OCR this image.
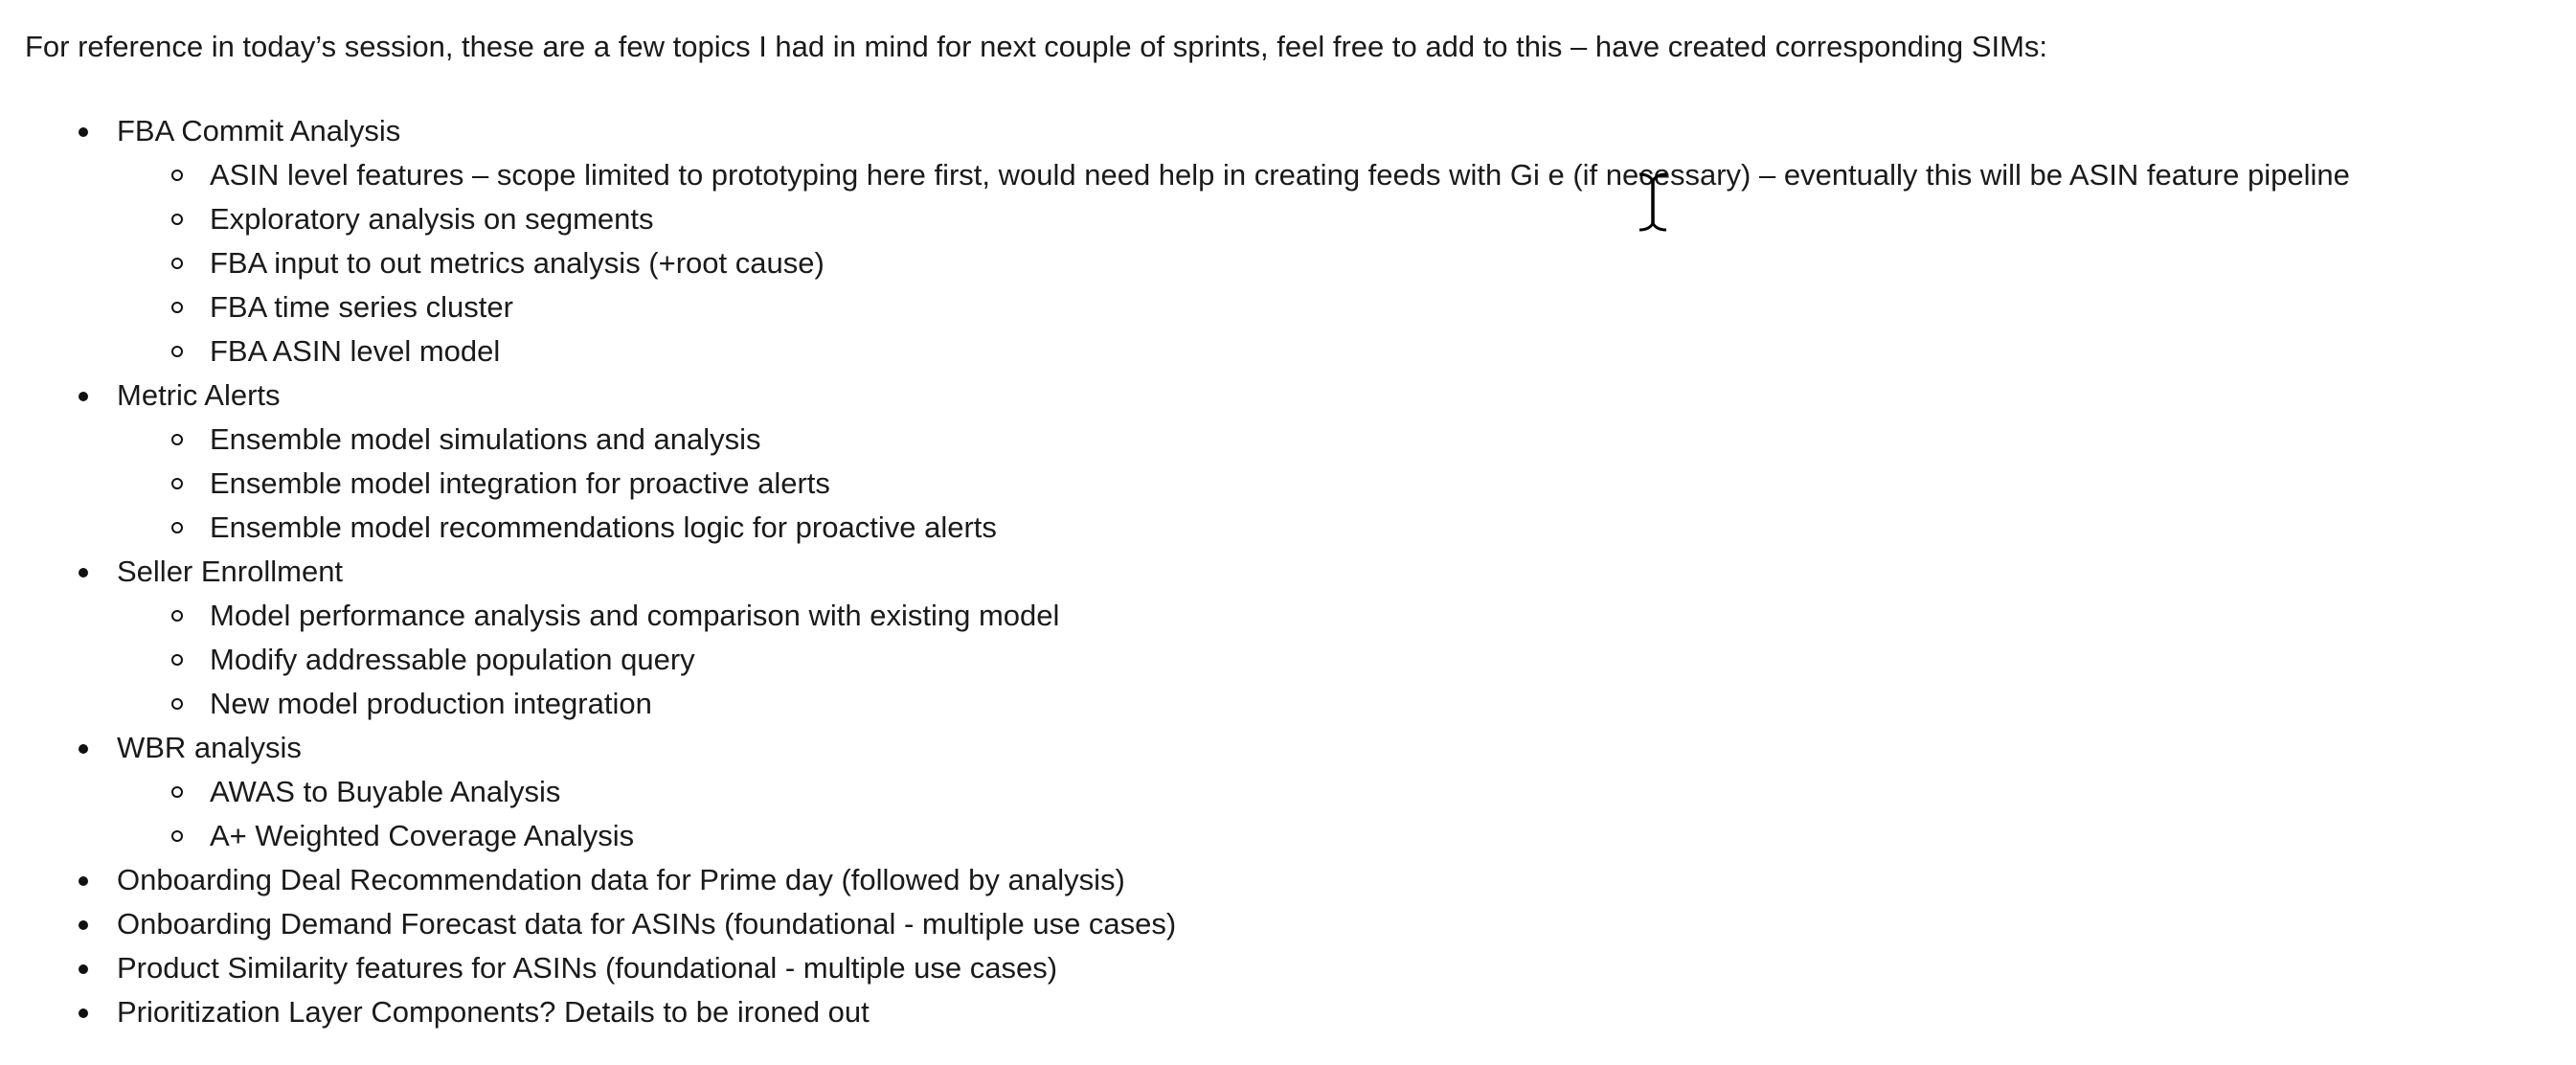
For reference in today’s session, these are a few topics I had in mind for next couple of sprints, feel free to add to this – have created corresponding SIMs:

FBA Commit Analysis
ASIN level features – scope limited to prototyping here first, would need help in creating feeds with Gi e (if necessary) – eventually this will be ASIN feature pipeline
Exploratory analysis on segments
FBA input to out metrics analysis (+root cause)
FBA time series cluster
FBA ASIN level model
Metric Alerts
Ensemble model simulations and analysis
Ensemble model integration for proactive alerts
Ensemble model recommendations logic for proactive alerts
Seller Enrollment
Model performance analysis and comparison with existing model
Modify addressable population query
New model production integration
WBR analysis
AWAS to Buyable Analysis
A+ Weighted Coverage Analysis
Onboarding Deal Recommendation data for Prime day (followed by analysis)
Onboarding Demand Forecast data for ASINs (foundational - multiple use cases)
Product Similarity features for ASINs (foundational - multiple use cases)
Prioritization Layer Components? Details to be ironed out
